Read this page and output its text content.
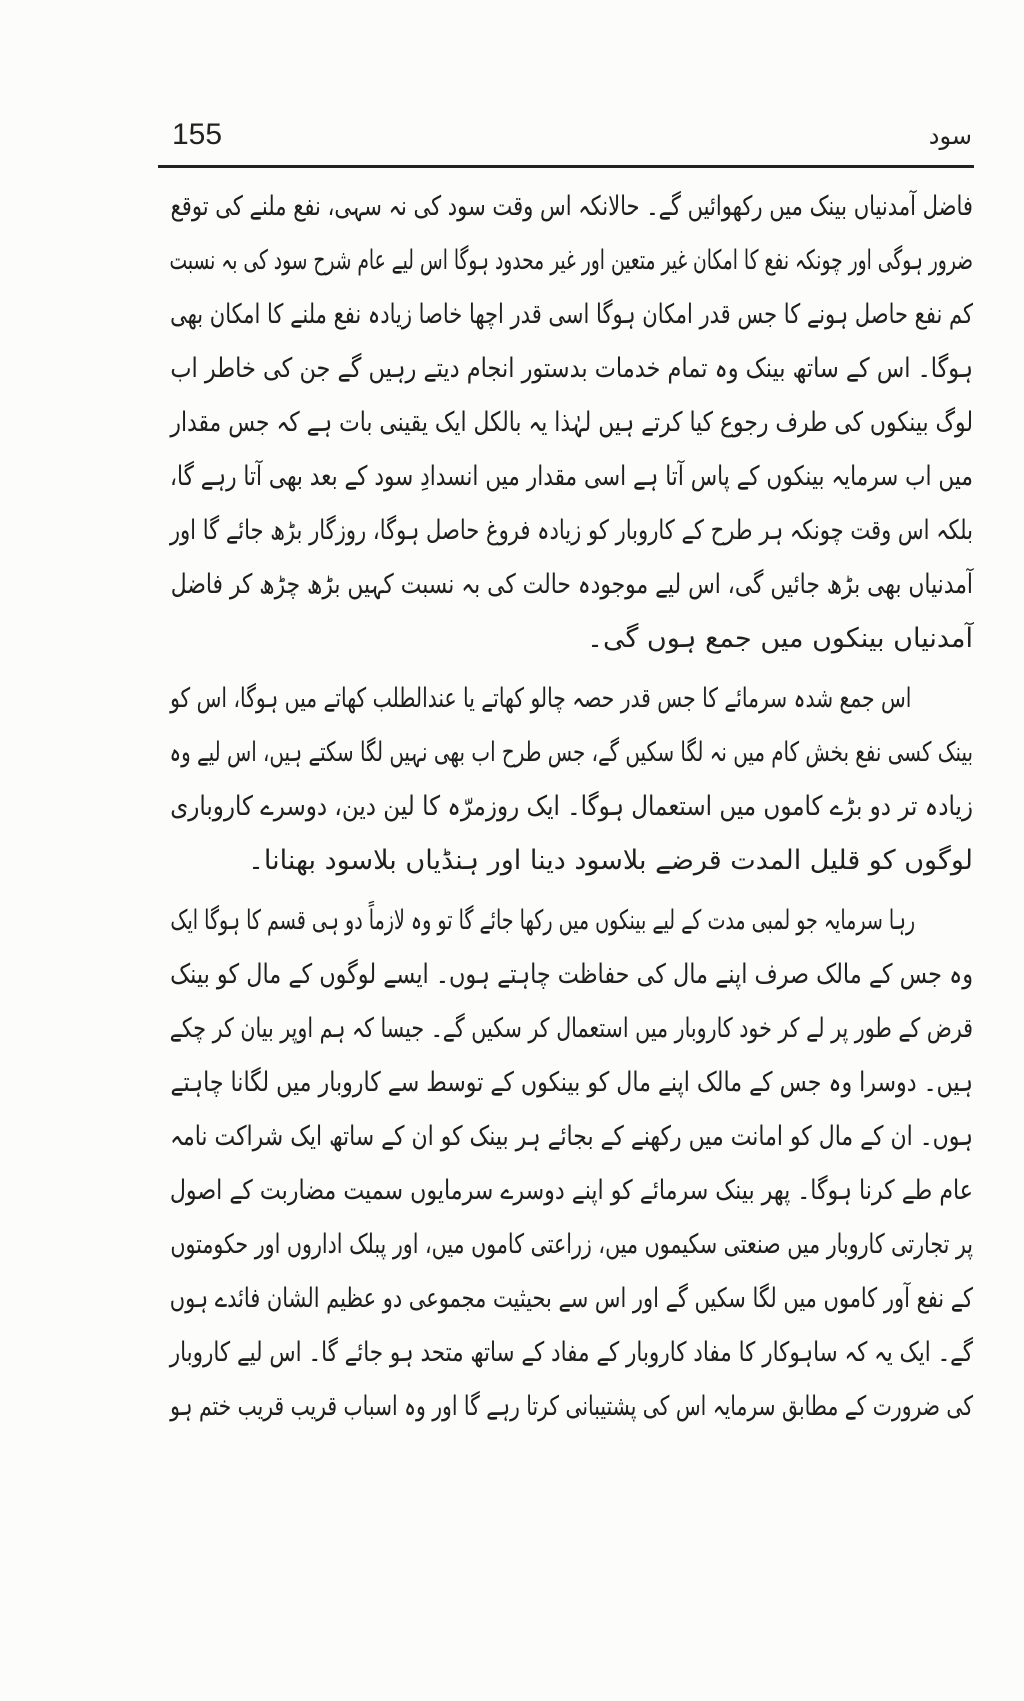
155	سود
فاضل آمدنیاں بینک میں رکھوائیں گے۔ حالانکہ اس وقت سود کی نہ سہی، نفع ملنے کی توقع
ضرور ہوگی اور چونکہ نفع کا امکان غیر متعین اور غیر محدود ہوگا اس لیے عام شرح سود کی بہ نسبت
کم نفع حاصل ہونے کا جس قدر امکان ہوگا اسی قدر اچھا خاصا زیادہ نفع ملنے کا امکان بھی
ہوگا۔ اس کے ساتھ بینک وہ تمام خدمات بدستور انجام دیتے رہیں گے جن کی خاطر اب
لوگ بینکوں کی طرف رجوع کیا کرتے ہیں لہٰذا یہ بالکل ایک یقینی بات ہے کہ جس مقدار
میں اب سرمایہ بینکوں کے پاس آتا ہے اسی مقدار میں انسدادِ سود کے بعد بھی آتا رہے گا،
بلکہ اس وقت چونکہ ہر طرح کے کاروبار کو زیادہ فروغ حاصل ہوگا، روزگار بڑھ جائے گا اور
آمدنیاں بھی بڑھ جائیں گی، اس لیے موجودہ حالت کی بہ نسبت کہیں بڑھ چڑھ کر فاضل
آمدنیاں بینکوں میں جمع ہوں گی۔
اس جمع شدہ سرمائے کا جس قدر حصہ چالو کھاتے یا عندالطلب کھاتے میں ہوگا، اس کو
بینک کسی نفع بخش کام میں نہ لگا سکیں گے، جس طرح اب بھی نہیں لگا سکتے ہیں، اس لیے وہ
زیادہ تر دو بڑے کاموں میں استعمال ہوگا۔ ایک روزمرّہ کا لین دین، دوسرے کاروباری
لوگوں کو قلیل المدت قرضے بلاسود دینا اور ہنڈیاں بلاسود بھنانا۔
رہا سرمایہ جو لمبی مدت کے لیے بینکوں میں رکھا جائے گا تو وہ لازماً دو ہی قسم کا ہوگا ایک
وہ جس کے مالک صرف اپنے مال کی حفاظت چاہتے ہوں۔ ایسے لوگوں کے مال کو بینک
قرض کے طور پر لے کر خود کاروبار میں استعمال کر سکیں گے۔ جیسا کہ ہم اوپر بیان کر چکے
ہیں۔ دوسرا وہ جس کے مالک اپنے مال کو بینکوں کے توسط سے کاروبار میں لگانا چاہتے
ہوں۔ ان کے مال کو امانت میں رکھنے کے بجائے ہر بینک کو ان کے ساتھ ایک شراکت نامہ
عام طے کرنا ہوگا۔ پھر بینک سرمائے کو اپنے دوسرے سرمایوں سمیت مضاربت کے اصول
پر تجارتی کاروبار میں صنعتی سکیموں میں، زراعتی کاموں میں، اور پبلک اداروں اور حکومتوں
کے نفع آور کاموں میں لگا سکیں گے اور اس سے بحیثیت مجموعی دو عظیم الشان فائدے ہوں
گے۔ ایک یہ کہ ساہوکار کا مفاد کاروبار کے مفاد کے ساتھ متحد ہو جائے گا۔ اس لیے کاروبار
کی ضرورت کے مطابق سرمایہ اس کی پشتیبانی کرتا رہے گا اور وہ اسباب قریب قریب ختم ہو
